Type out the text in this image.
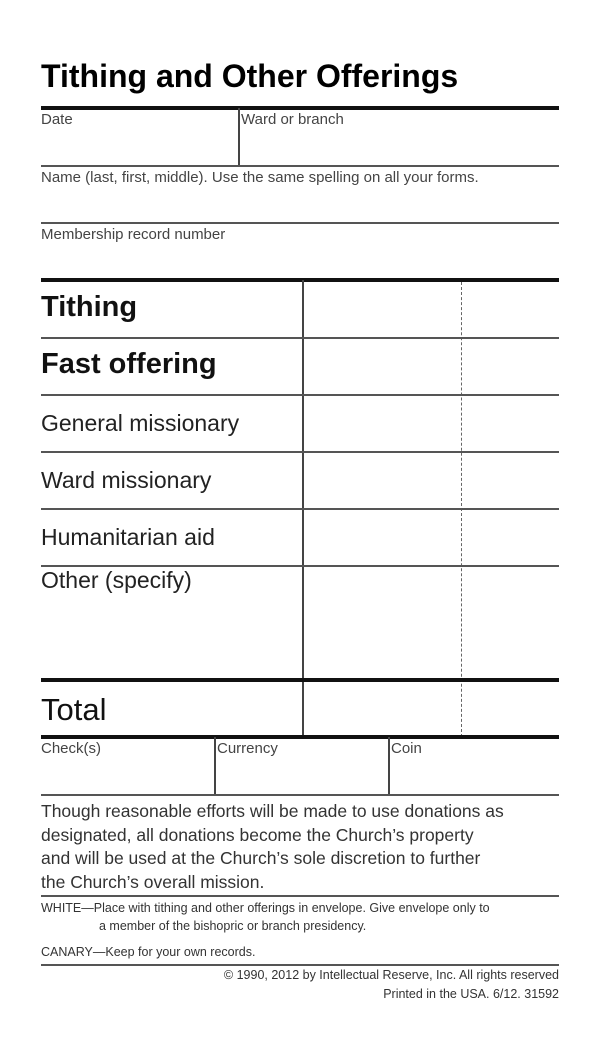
Tithing and Other Offerings
Date	Ward or branch
Name (last, first, middle). Use the same spelling on all your forms.
Membership record number
Tithing
Fast offering
General missionary
Ward missionary
Humanitarian aid
Other (specify)
Total
Check(s)	Currency	Coin
Though reasonable efforts will be made to use donations as
designated, all donations become the Church’s property
and will be used at the Church’s sole discretion to further
the Church’s overall mission.
WHITE—Place with tithing and other offerings in envelope. Give envelope only to
a member of the bishopric or branch presidency.
CANARY—Keep for your own records.
© 1990, 2012 by Intellectual Reserve, Inc. All rights reserved
Printed in the USA. 6/12. 31592
